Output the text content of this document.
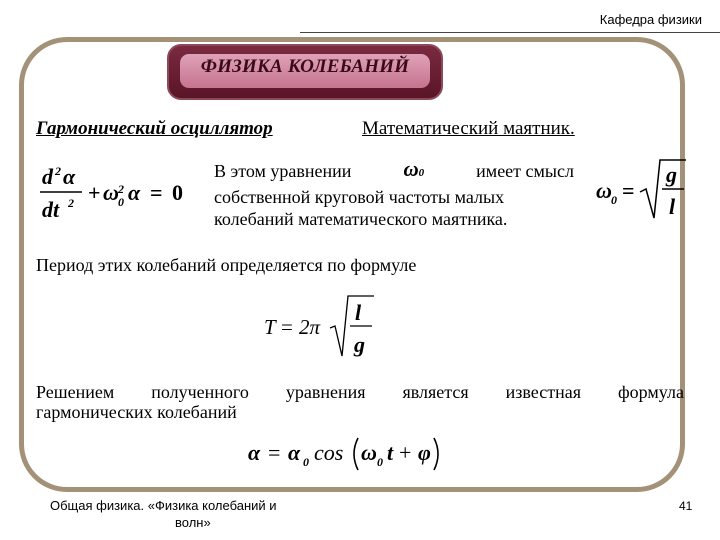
Кафедра физики
ФИЗИКА КОЛЕБАНИЙ
Гармонический осциллятор	Математический маятник.
d 2 α
dt 2 + ω 2
0 α = 0
В этом уравнении ω0	имеет смысл
собственной круговой частоты малых
колебаний математического маятника.
ω 0 =
g
l
Период этих колебаний определяется по формуле
T = 2π
l
g
Решением полученного уравнения является известная формула
гармонических колебаний
α = α 0 cos ω 0 t + φ
Общая физика. «Физика колебаний и
волн»
41
